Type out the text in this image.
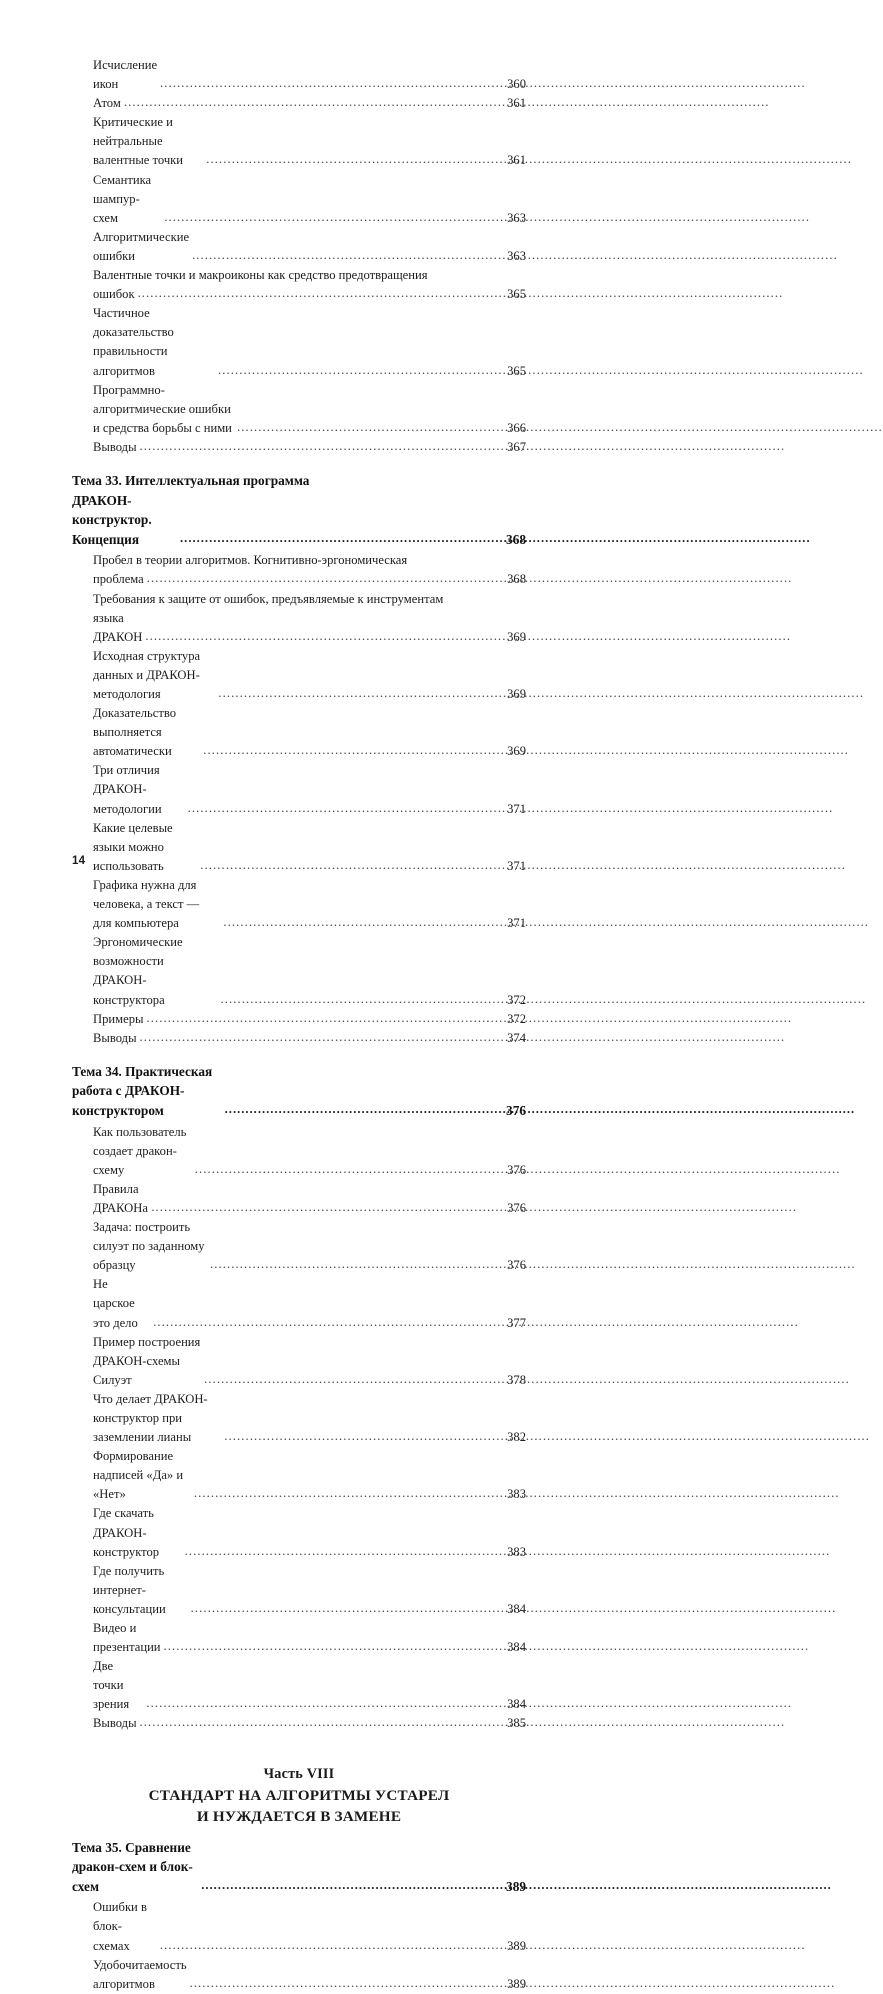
Исчисление икон .....	360
Атом .....	361
Критические и нейтральные валентные точки .....	361
Семантика шампур-схем .....	363
Алгоритмические ошибки .....	363
Валентные точки и макроиконы как средство предотвращения
ошибок .....	365
Частичное доказательство правильности алгоритмов .....	365
Программно-алгоритмические ошибки и средства борьбы с ними .....	366
Выводы .....	367
Тема 33. Интеллектуальная программа
ДРАКОН-конструктор. Концепция .....	368
Пробел в теории алгоритмов. Когнитивно-эргономическая
проблема .....	368
Требования к защите от ошибок, предъявляемые к инструментам
языка ДРАКОН .....	369
Исходная структура данных и ДРАКОН-методология .....	369
Доказательство выполняется автоматически .....	369
Три отличия ДРАКОН-методологии .....	371
Какие целевые языки можно использовать .....	371
Графика нужна для человека, а текст — для компьютера .....	371
Эргономические возможности ДРАКОН-конструктора .....	372
Примеры .....	372
Выводы .....	374
Тема 34. Практическая работа с ДРАКОН-конструктором .....	376
Как пользователь создает дракон-схему .....	376
Правила ДРАКОНа .....	376
Задача: построить силуэт по заданному образцу .....	376
Не царское это дело .....	377
Пример построения ДРАКОН-схемы Силуэт .....	378
Что делает ДРАКОН-конструктор при заземлении лианы .....	382
Формирование надписей «Да» и «Нет» .....	383
Где скачать ДРАКОН-конструктор .....	383
Где получить интернет-консультации .....	384
Видео и презентации .....	384
Две точки зрения .....	384
Выводы .....	385
Часть VIII
СТАНДАРТ НА АЛГОРИТМЫ УСТАРЕЛ
И НУЖДАЕТСЯ В ЗАМЕНЕ
Тема 35. Сравнение дракон-схем и блок-схем .....	389
Ошибки в блок-схемах .....	389
Удобочитаемость алгоритмов .....	389
14
